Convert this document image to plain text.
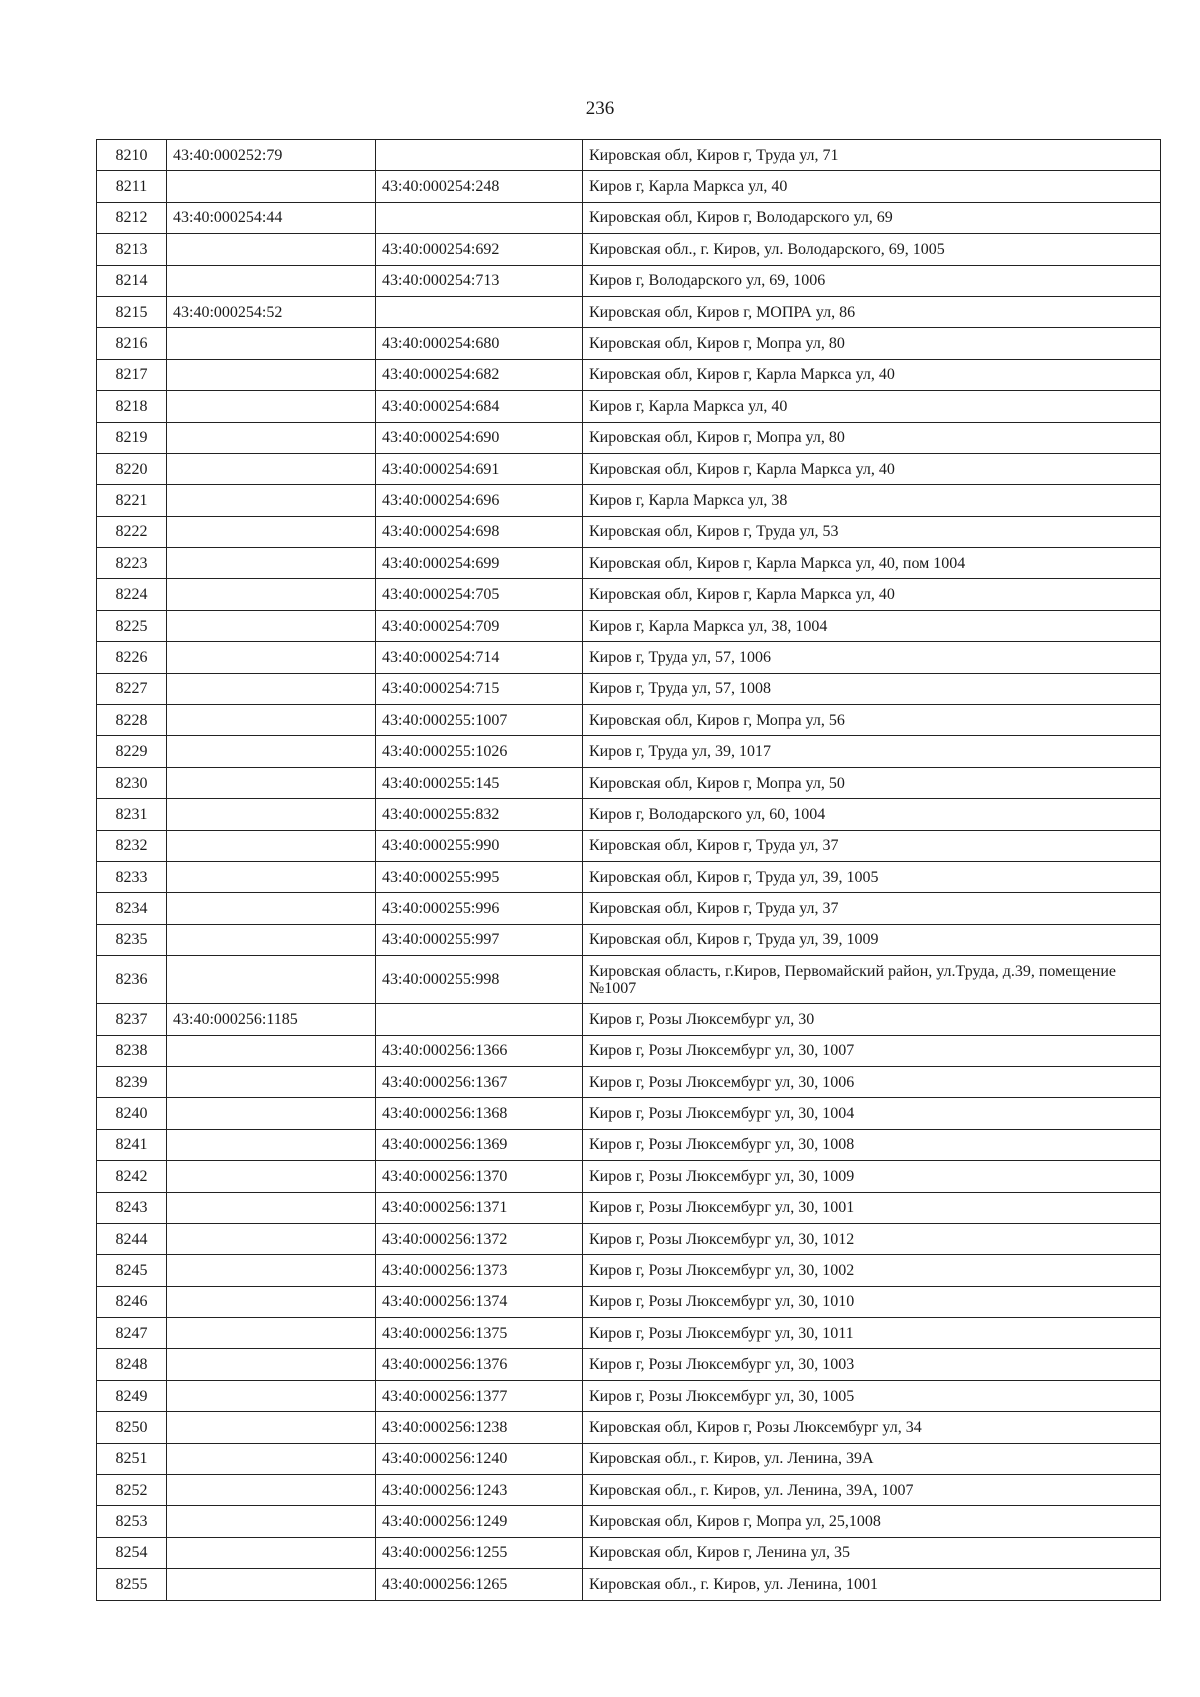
236
8210	43:40:000252:79		Кировская обл, Киров г, Труда ул, 71
8211		43:40:000254:248	Киров г, Карла Маркса ул, 40
8212	43:40:000254:44		Кировская обл, Киров г, Володарского ул, 69
8213		43:40:000254:692	Кировская обл., г. Киров, ул. Володарского, 69, 1005
8214		43:40:000254:713	Киров г, Володарского ул, 69, 1006
8215	43:40:000254:52		Кировская обл, Киров г, МОПРА ул, 86
8216		43:40:000254:680	Кировская обл, Киров г, Мопра ул, 80
8217		43:40:000254:682	Кировская обл, Киров г, Карла Маркса ул, 40
8218		43:40:000254:684	Киров г, Карла Маркса ул, 40
8219		43:40:000254:690	Кировская обл, Киров г, Мопра ул, 80
8220		43:40:000254:691	Кировская обл, Киров г, Карла Маркса ул, 40
8221		43:40:000254:696	Киров г, Карла Маркса ул, 38
8222		43:40:000254:698	Кировская обл, Киров г, Труда ул, 53
8223		43:40:000254:699	Кировская обл, Киров г, Карла Маркса ул, 40, пом 1004
8224		43:40:000254:705	Кировская обл, Киров г, Карла Маркса ул, 40
8225		43:40:000254:709	Киров г, Карла Маркса ул, 38, 1004
8226		43:40:000254:714	Киров г, Труда ул, 57, 1006
8227		43:40:000254:715	Киров г, Труда ул, 57, 1008
8228		43:40:000255:1007	Кировская обл, Киров г, Мопра ул, 56
8229		43:40:000255:1026	Киров г, Труда ул, 39, 1017
8230		43:40:000255:145	Кировская обл, Киров г, Мопра ул, 50
8231		43:40:000255:832	Киров г, Володарского ул, 60, 1004
8232		43:40:000255:990	Кировская обл, Киров г, Труда ул, 37
8233		43:40:000255:995	Кировская обл, Киров г, Труда ул, 39, 1005
8234		43:40:000255:996	Кировская обл, Киров г, Труда ул, 37
8235		43:40:000255:997	Кировская обл, Киров г, Труда ул, 39, 1009
8236		43:40:000255:998	Кировская область, г.Киров, Первомайский район, ул.Труда, д.39, помещение №1007
8237	43:40:000256:1185		Киров г, Розы Люксембург ул, 30
8238		43:40:000256:1366	Киров г, Розы Люксембург ул, 30, 1007
8239		43:40:000256:1367	Киров г, Розы Люксембург ул, 30, 1006
8240		43:40:000256:1368	Киров г, Розы Люксембург ул, 30, 1004
8241		43:40:000256:1369	Киров г, Розы Люксембург ул, 30, 1008
8242		43:40:000256:1370	Киров г, Розы Люксембург ул, 30, 1009
8243		43:40:000256:1371	Киров г, Розы Люксембург ул, 30, 1001
8244		43:40:000256:1372	Киров г, Розы Люксембург ул, 30, 1012
8245		43:40:000256:1373	Киров г, Розы Люксембург ул, 30, 1002
8246		43:40:000256:1374	Киров г, Розы Люксембург ул, 30, 1010
8247		43:40:000256:1375	Киров г, Розы Люксембург ул, 30, 1011
8248		43:40:000256:1376	Киров г, Розы Люксембург ул, 30, 1003
8249		43:40:000256:1377	Киров г, Розы Люксембург ул, 30, 1005
8250		43:40:000256:1238	Кировская обл, Киров г, Розы Люксембург ул, 34
8251		43:40:000256:1240	Кировская обл., г. Киров, ул. Ленина, 39А
8252		43:40:000256:1243	Кировская обл., г. Киров, ул. Ленина, 39А, 1007
8253		43:40:000256:1249	Кировская обл, Киров г, Мопра ул, 25,1008
8254		43:40:000256:1255	Кировская обл, Киров г, Ленина ул, 35
8255		43:40:000256:1265	Кировская обл., г. Киров, ул. Ленина, 1001
